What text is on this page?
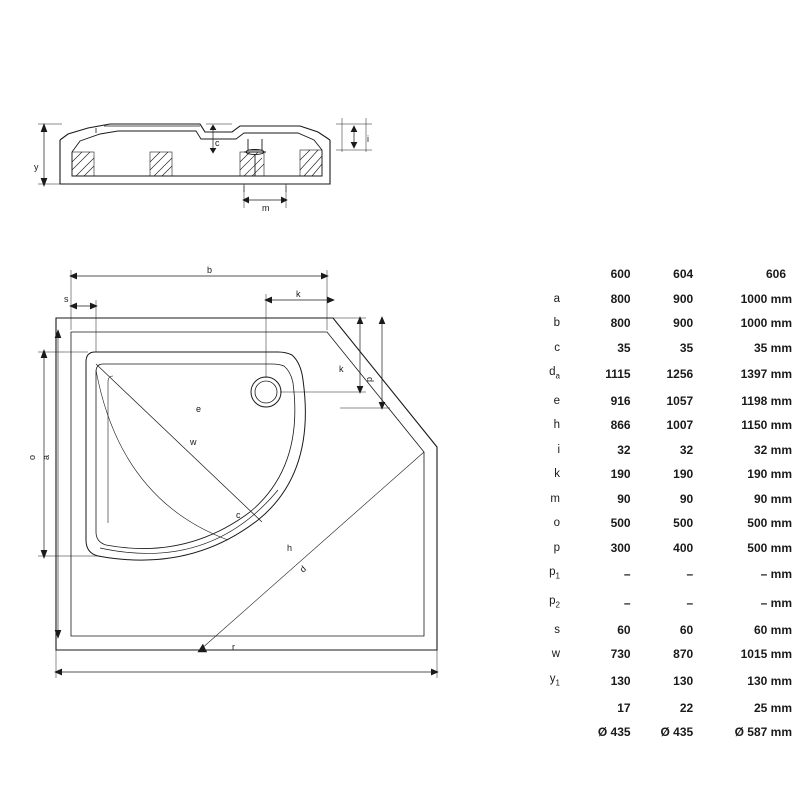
c
y
i
m
b
s	k
k
p
o a
e
h
c
w
d
r
	600	604	606
a	800	900	1000 mm
b	800	900	1000 mm
c	35	35	35 mm
$d_a$	1115	1256	1397 mm
e	916	1057	1198 mm
h	866	1007	1150 mm
i	32	32	32 mm
k	190	190	190 mm
m	90	90	90 mm
o	500	500	500 mm
p	300	400	500 mm
$p_1$	–	–	– mm
$p_2$	–	–	– mm
s	60	60	60 mm
w	730	870	1015 mm
$y_1$	130	130	130 mm
	17	22	25 mm
	Ø 435	Ø 435	Ø 587 mm
